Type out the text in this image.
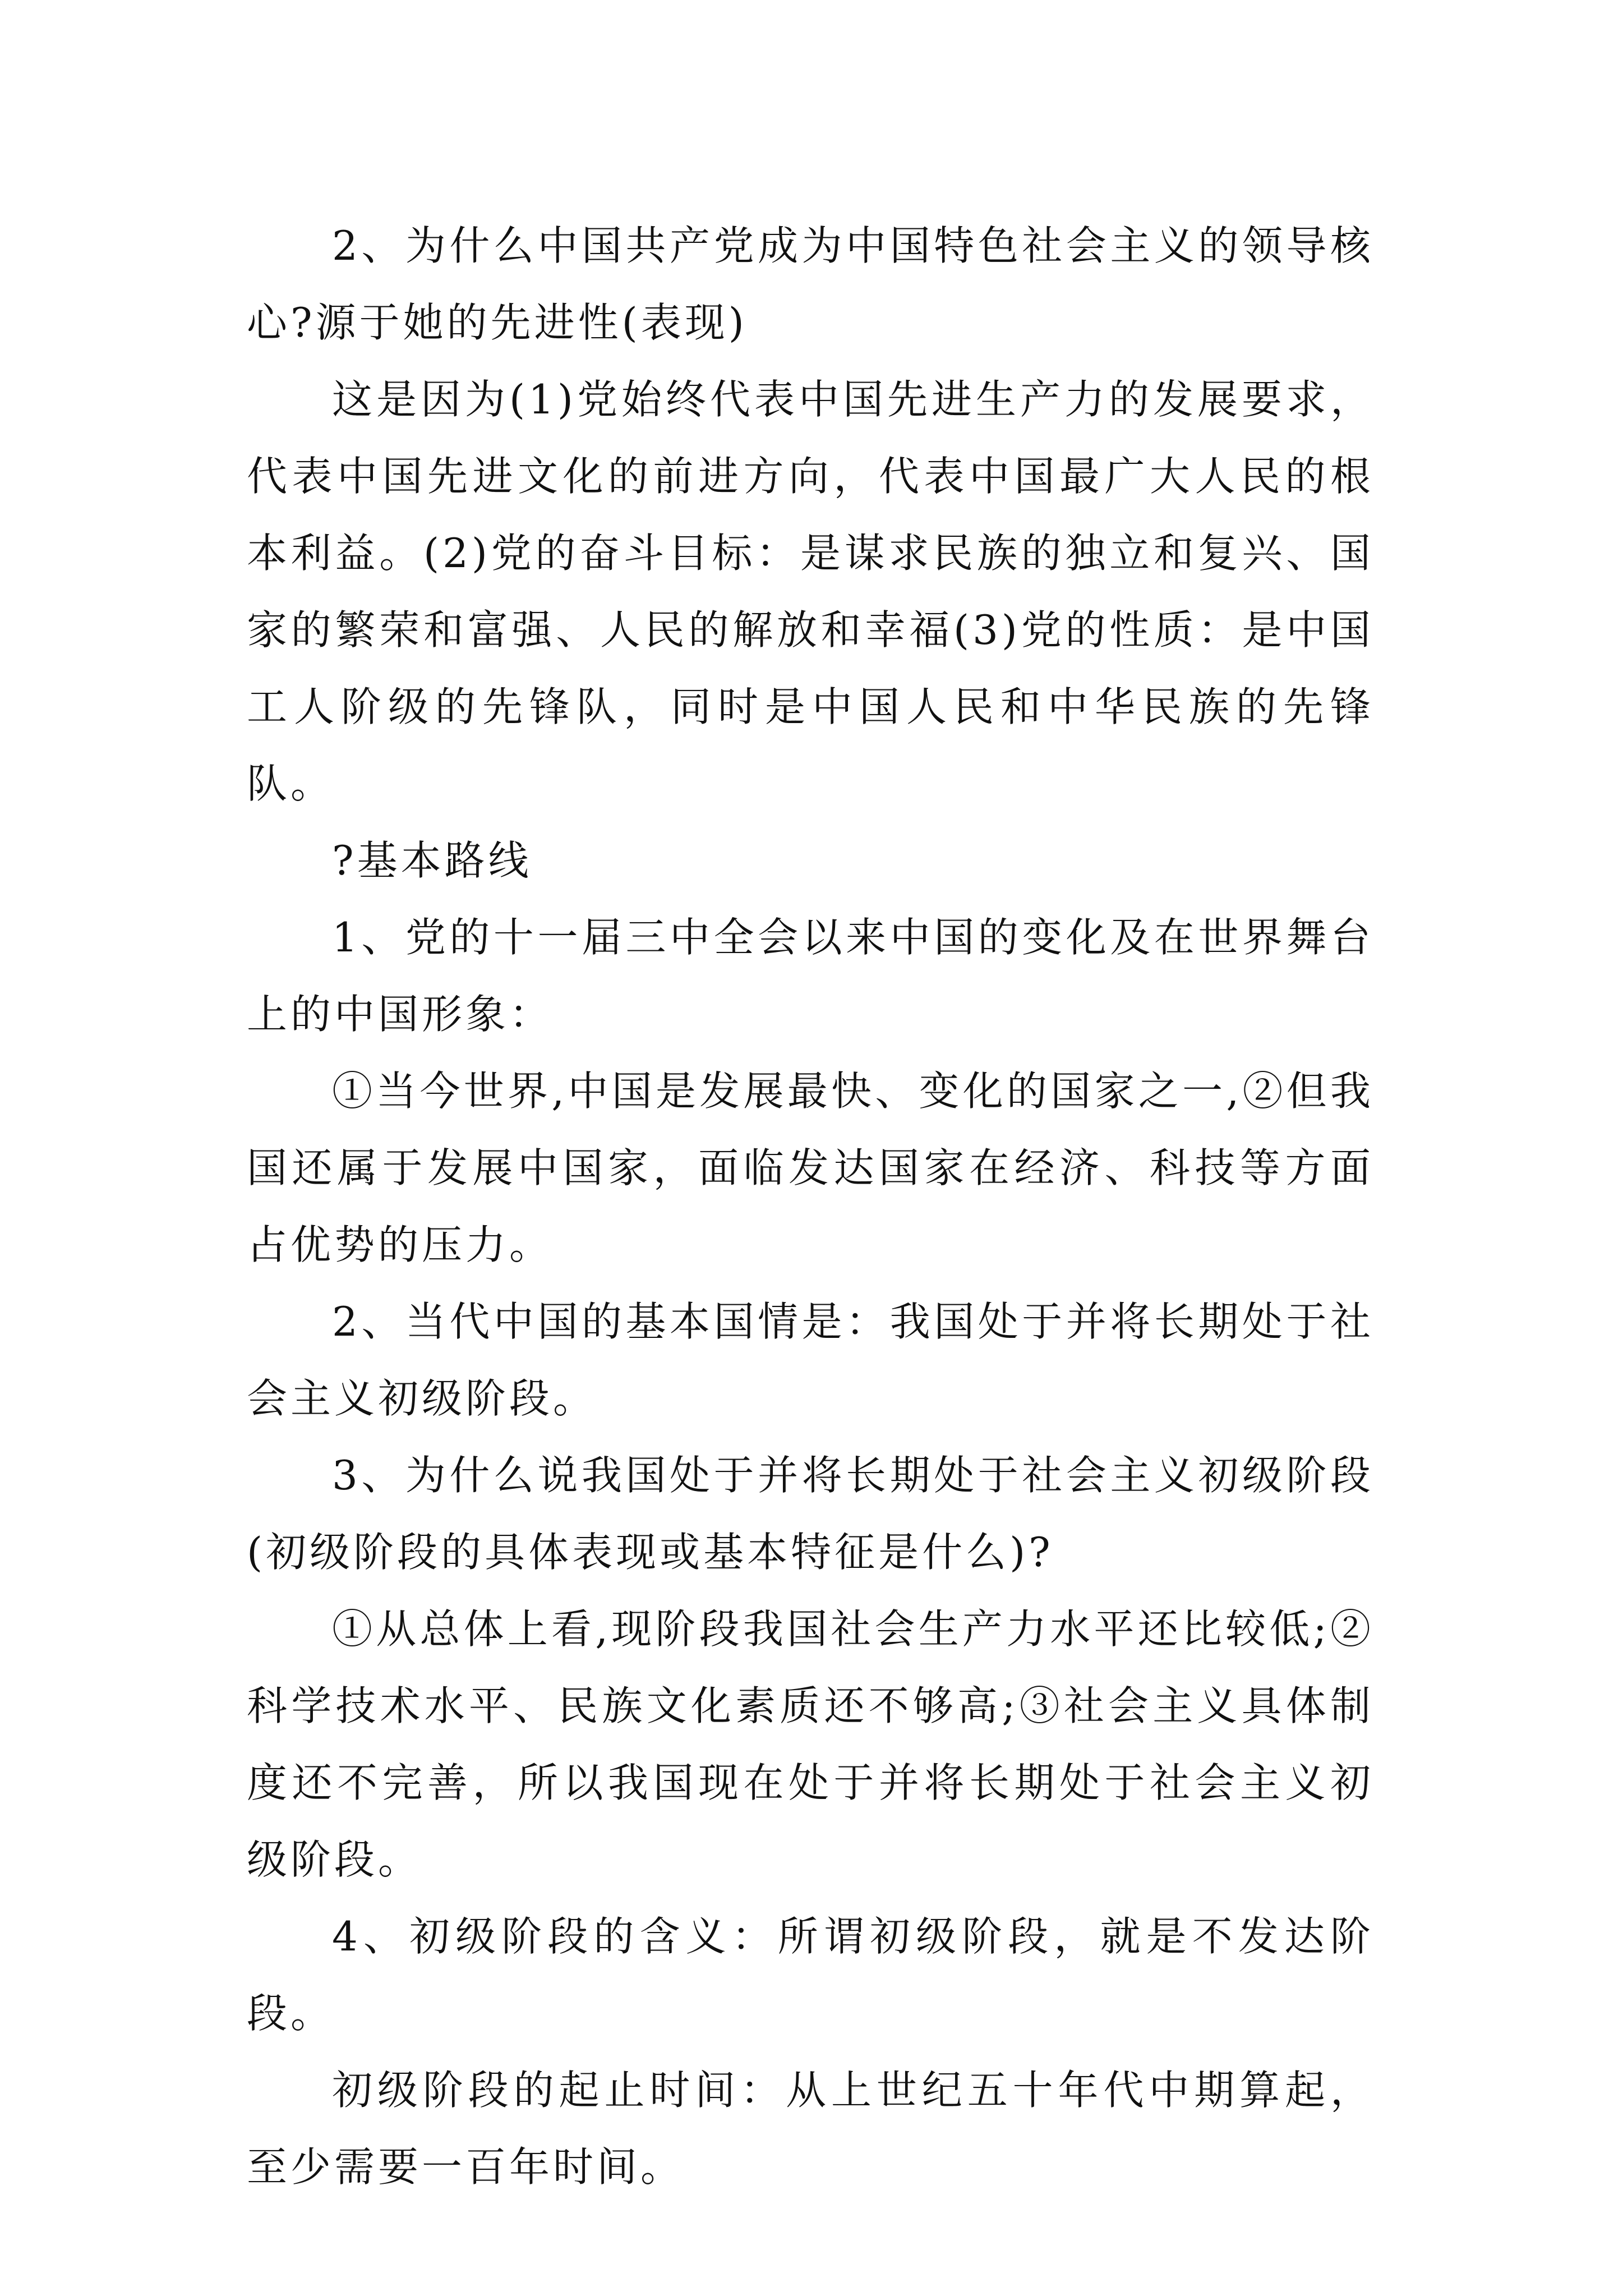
2、为什么中国共产党成为中国特色社会主义的领导核心?源于她的先进性(表现)

这是因为(1)党始终代表中国先进生产力的发展要求，代表中国先进文化的前进方向，代表中国最广大人民的根本利益。(2)党的奋斗目标：是谋求民族的独立和复兴、国家的繁荣和富强、人民的解放和幸福(3)党的性质：是中国工人阶级的先锋队，同时是中国人民和中华民族的先锋队。

?基本路线

1、党的十一届三中全会以来中国的变化及在世界舞台上的中国形象：

①当今世界,中国是发展最快、变化的国家之一,②但我国还属于发展中国家，面临发达国家在经济、科技等方面占优势的压力。

2、当代中国的基本国情是：我国处于并将长期处于社会主义初级阶段。

3、为什么说我国处于并将长期处于社会主义初级阶段(初级阶段的具体表现或基本特征是什么)?

①从总体上看,现阶段我国社会生产力水平还比较低;②科学技术水平、民族文化素质还不够高;③社会主义具体制度还不完善，所以我国现在处于并将长期处于社会主义初级阶段。

4、初级阶段的含义：所谓初级阶段，就是不发达阶段。

初级阶段的起止时间：从上世纪五十年代中期算起，至少需要一百年时间。
